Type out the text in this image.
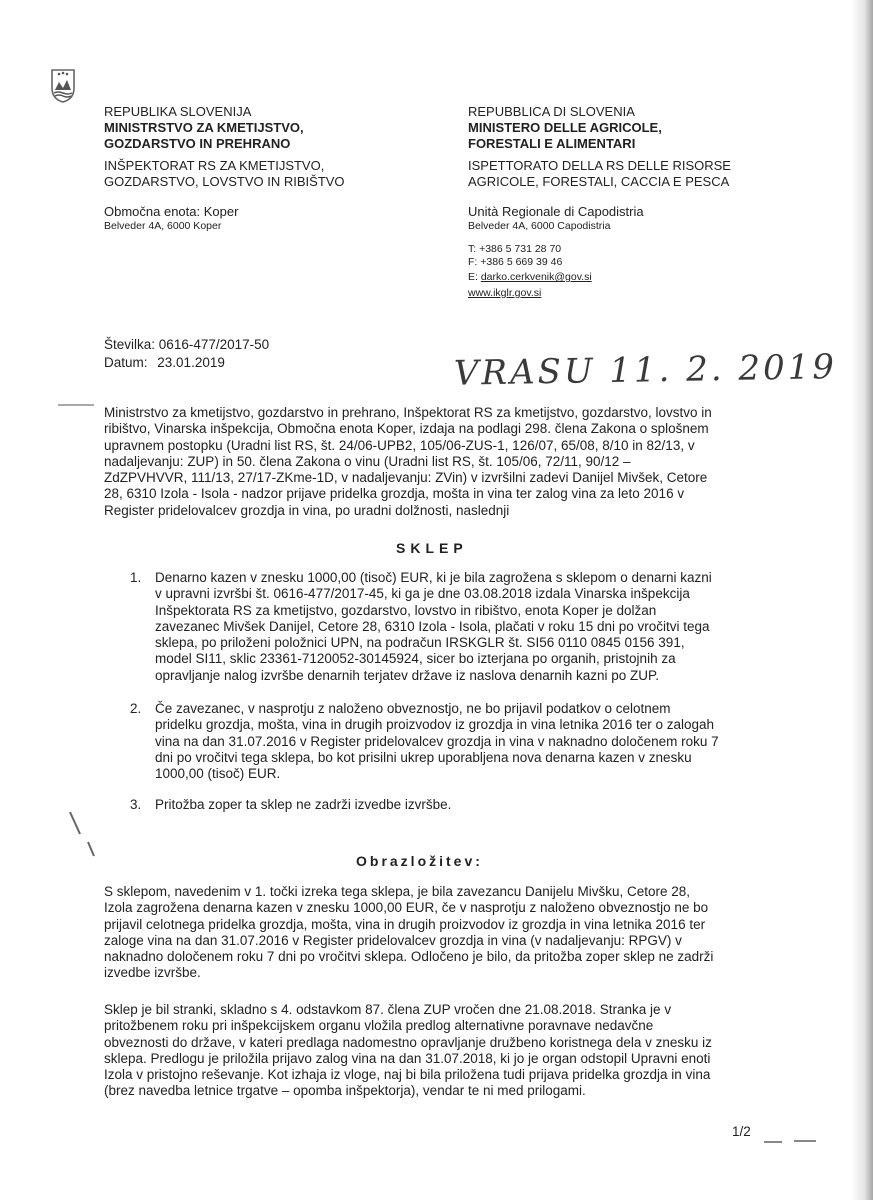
REPUBLIKA SLOVENIJA
MINISTRSTVO ZA KMETIJSTVO,
GOZDARSTVO IN PREHRANO
INŠPEKTORAT RS ZA KMETIJSTVO,
GOZDARSTVO, LOVSTVO IN RIBIŠTVO
Območna enota: Koper
Belveder 4A, 6000 Koper
REPUBBLICA DI SLOVENIA
MINISTERO DELLE AGRICOLE,
FORESTALI E ALIMENTARI
ISPETTORATO DELLA RS DELLE RISORSE
AGRICOLE, FORESTALI, CACCIA E PESCA
Unità Regionale di Capodistria
Belveder 4A, 6000 Capodistria
T: +386 5 731 28 70
F: +386 5 669 39 46
E: darko.cerkvenik@gov.si
www.ikglr.gov.si
Številka: 0616-477/2017-50
Datum: 23.01.2019	VRASU 11. 2. 2019
Ministrstvo za kmetijstvo, gozdarstvo in prehrano, Inšpektorat RS za kmetijstvo, gozdarstvo, lovstvo in
ribištvo, Vinarska inšpekcija, Območna enota Koper, izdaja na podlagi 298. člena Zakona o splošnem
upravnem postopku (Uradni list RS, št. 24/06-UPB2, 105/06-ZUS-1, 126/07, 65/08, 8/10 in 82/13, v
nadaljevanju: ZUP) in 50. člena Zakona o vinu (Uradni list RS, št. 105/06, 72/11, 90/12 –
ZdZPVHVVR, 111/13, 27/17-ZKme-1D, v nadaljevanju: ZVin) v izvršilni zadevi Danijel Mivšek, Cetore
28, 6310 Izola - Isola - nadzor prijave pridelka grozdja, mošta in vina ter zalog vina za leto 2016 v
Register pridelovalcev grozdja in vina, po uradni dolžnosti, naslednji
SKLEP
1. Denarno kazen v znesku 1000,00 (tisoč) EUR, ki je bila zagrožena s sklepom o denarni kazni
v upravni izvršbi št. 0616-477/2017-45, ki ga je dne 03.08.2018 izdala Vinarska inšpekcija
Inšpektorata RS za kmetijstvo, gozdarstvo, lovstvo in ribištvo, enota Koper je dolžan
zavezanec Mivšek Danijel, Cetore 28, 6310 Izola - Isola, plačati v roku 15 dni po vročitvi tega
sklepa, po priloženi položnici UPN, na podračun IRSKGLR št. SI56 0110 0845 0156 391,
model SI11, sklic 23361-7120052-30145924, sicer bo izterjana po organih, pristojnih za
opravljanje nalog izvršbe denarnih terjatev države iz naslova denarnih kazni po ZUP.
2. Če zavezanec, v nasprotju z naloženo obveznostjo, ne bo prijavil podatkov o celotnem
pridelku grozdja, mošta, vina in drugih proizvodov iz grozdja in vina letnika 2016 ter o zalogah
vina na dan 31.07.2016 v Register pridelovalcev grozdja in vina v naknadno določenem roku 7
dni po vročitvi tega sklepa, bo kot prisilni ukrep uporabljena nova denarna kazen v znesku
1000,00 (tisoč) EUR.
3. Pritožba zoper ta sklep ne zadrži izvedbe izvršbe.
Obrazložitev:
S sklepom, navedenim v 1. točki izreka tega sklepa, je bila zavezancu Danijelu Mivšku, Cetore 28,
Izola zagrožena denarna kazen v znesku 1000,00 EUR, če v nasprotju z naloženo obveznostjo ne bo
prijavil celotnega pridelka grozdja, mošta, vina in drugih proizvodov iz grozdja in vina letnika 2016 ter
zaloge vina na dan 31.07.2016 v Register pridelovalcev grozdja in vina (v nadaljevanju: RPGV) v
naknadno določenem roku 7 dni po vročitvi sklepa. Odločeno je bilo, da pritožba zoper sklep ne zadrži
izvedbe izvršbe.
Sklep je bil stranki, skladno s 4. odstavkom 87. člena ZUP vročen dne 21.08.2018. Stranka je v
pritožbenem roku pri inšpekcijskem organu vložila predlog alternativne poravnave nedavčne
obveznosti do države, v kateri predlaga nadomestno opravljanje družbeno koristnega dela v znesku iz
sklepa. Predlogu je priložila prijavo zalog vina na dan 31.07.2018, ki jo je organ odstopil Upravni enoti
Izola v pristojno reševanje. Kot izhaja iz vloge, naj bi bila priložena tudi prijava pridelka grozdja in vina
(brez navedba letnice trgatve – opomba inšpektorja), vendar te ni med prilogami.
1/2
